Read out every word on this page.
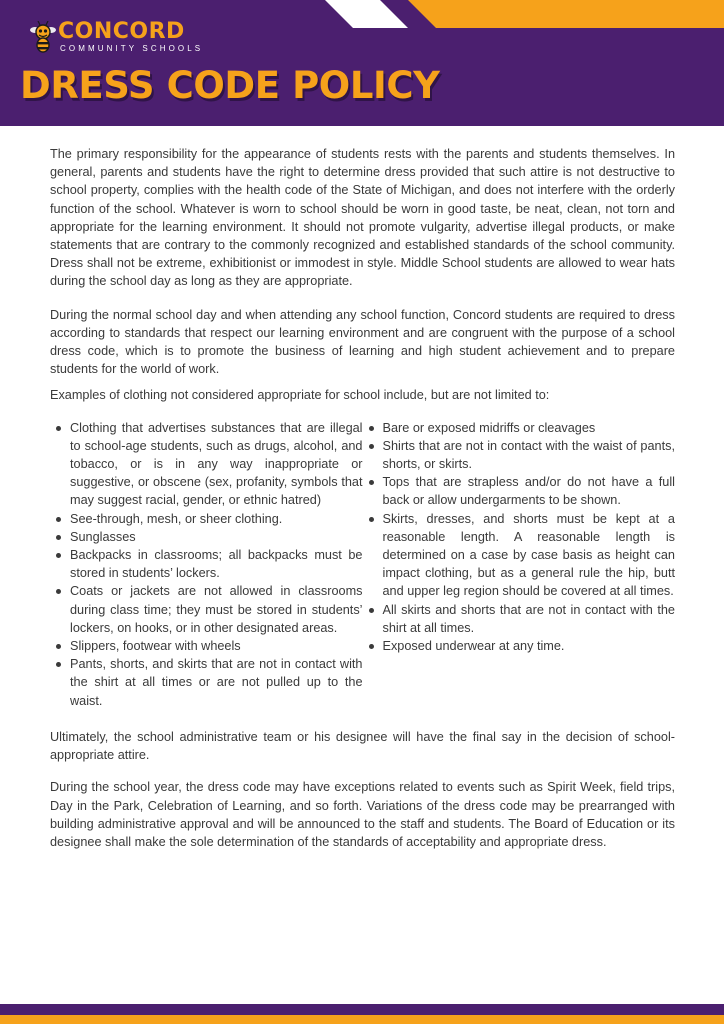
CONCORD
COMMUNITY SCHOOLS
DRESS CODE POLICY

The primary responsibility for the appearance of students rests with the parents and students themselves. In general, parents and students have the right to determine dress provided that such attire is not destructive to school property, complies with the health code of the State of Michigan, and does not interfere with the orderly function of the school. Whatever is worn to school should be worn in good taste, be neat, clean, not torn and appropriate for the learning environment. It should not promote vulgarity, advertise illegal products, or make statements that are contrary to the commonly recognized and established standards of the school community. Dress shall not be extreme, exhibitionist or immodest in style. Middle School students are allowed to wear hats during the school day as long as they are appropriate.

During the normal school day and when attending any school function, Concord students are required to dress according to standards that respect our learning environment and are congruent with the purpose of a school dress code, which is to promote the business of learning and high student achievement and to prepare students for the world of work.

Examples of clothing not considered appropriate for school include, but are not limited to:

Clothing that advertises substances that are illegal to school-age students, such as drugs, alcohol, and tobacco, or is in any way inappropriate or suggestive, or obscene (sex, profanity, symbols that may suggest racial, gender, or ethnic hatred)
See-through, mesh, or sheer clothing.
Sunglasses
Backpacks in classrooms; all backpacks must be stored in students’ lockers.
Coats or jackets are not allowed in classrooms during class time; they must be stored in students’ lockers, on hooks, or in other designated areas.
Slippers, footwear with wheels
Pants, shorts, and skirts that are not in contact with the shirt at all times or are not pulled up to the waist.
Bare or exposed midriffs or cleavages
Shirts that are not in contact with the waist of pants, shorts, or skirts.
Tops that are strapless and/or do not have a full back or allow undergarments to be shown.
Skirts, dresses, and shorts must be kept at a reasonable length. A reasonable length is determined on a case by case basis as height can impact clothing, but as a general rule the hip, butt and upper leg region should be covered at all times.
All skirts and shorts that are not in contact with the shirt at all times.
Exposed underwear at any time.

Ultimately, the school administrative team or his designee will have the final say in the decision of school-appropriate attire.

During the school year, the dress code may have exceptions related to events such as Spirit Week, field trips, Day in the Park, Celebration of Learning, and so forth. Variations of the dress code may be prearranged with building administrative approval and will be announced to the staff and students. The Board of Education or its designee shall make the sole determination of the standards of acceptability and appropriate dress.
